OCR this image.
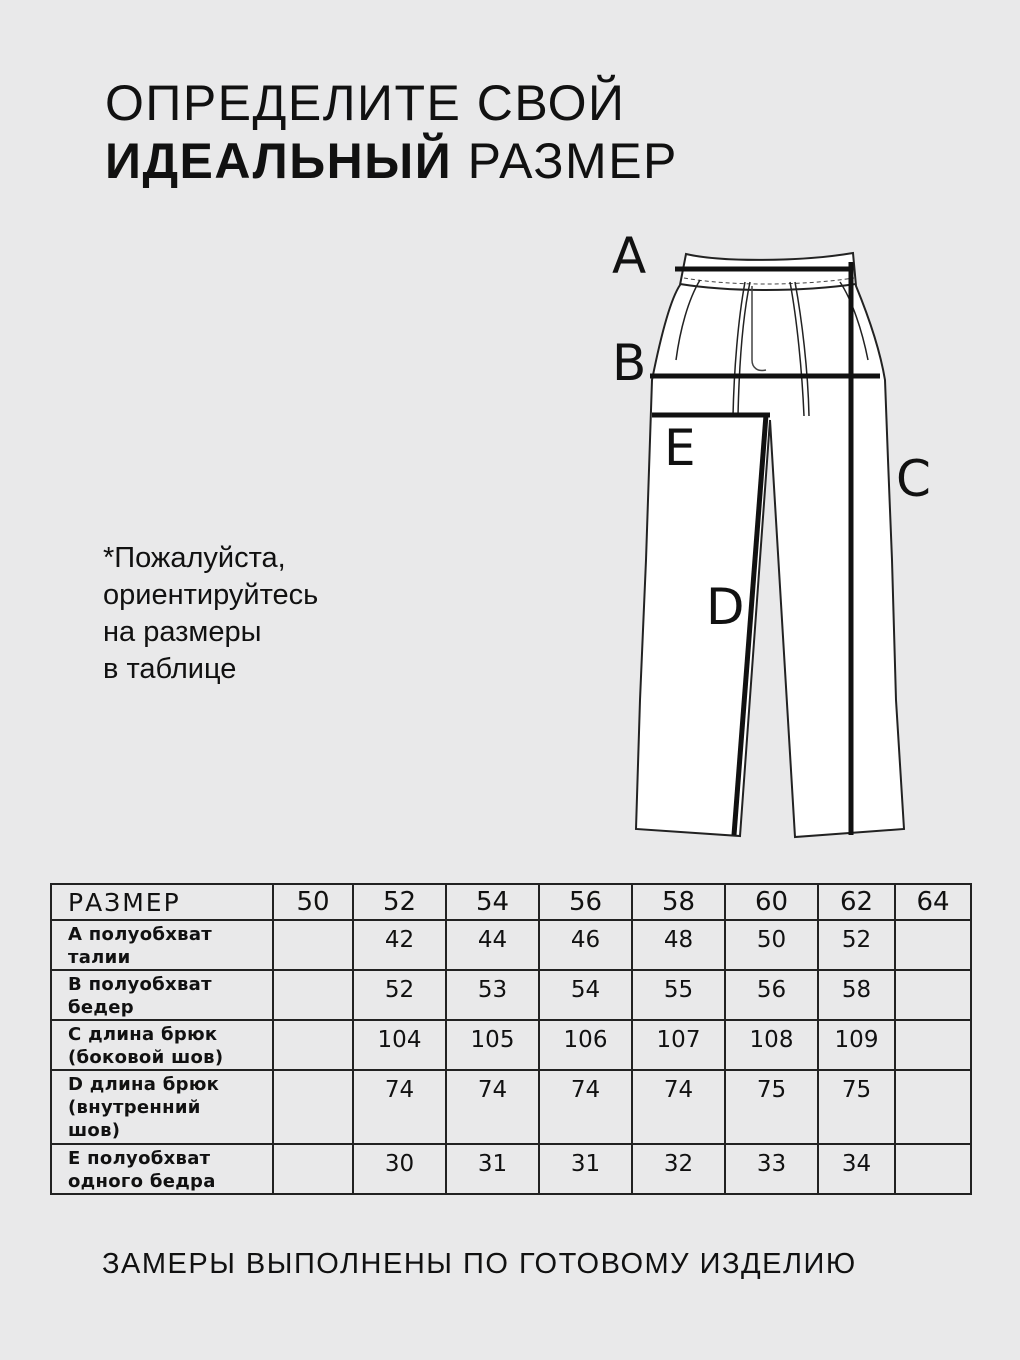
ОПРЕДЕЛИТЕ СВОЙ
ИДЕАЛЬНЫЙ РАЗМЕР
*Пожалуйста,
ориентируйтесь
на размеры
в таблице
A
B
E
C
D
РАЗМЕР	50	52	54	56	58	60	62	64

A полуобхват
талии		42	44	46	48	50	52	

B полуобхват
бедер		52	53	54	55	56	58	

C длина брюк
(боковой шов)		104	105	106	107	108	109	

D длина брюк
(внутренний
шов)		74	74	74	74	75	75	

E полуобхват
одного бедра		30	31	31	32	33	34	
ЗАМЕРЫ ВЫПОЛНЕНЫ ПО ГОТОВОМУ ИЗДЕЛИЮ
